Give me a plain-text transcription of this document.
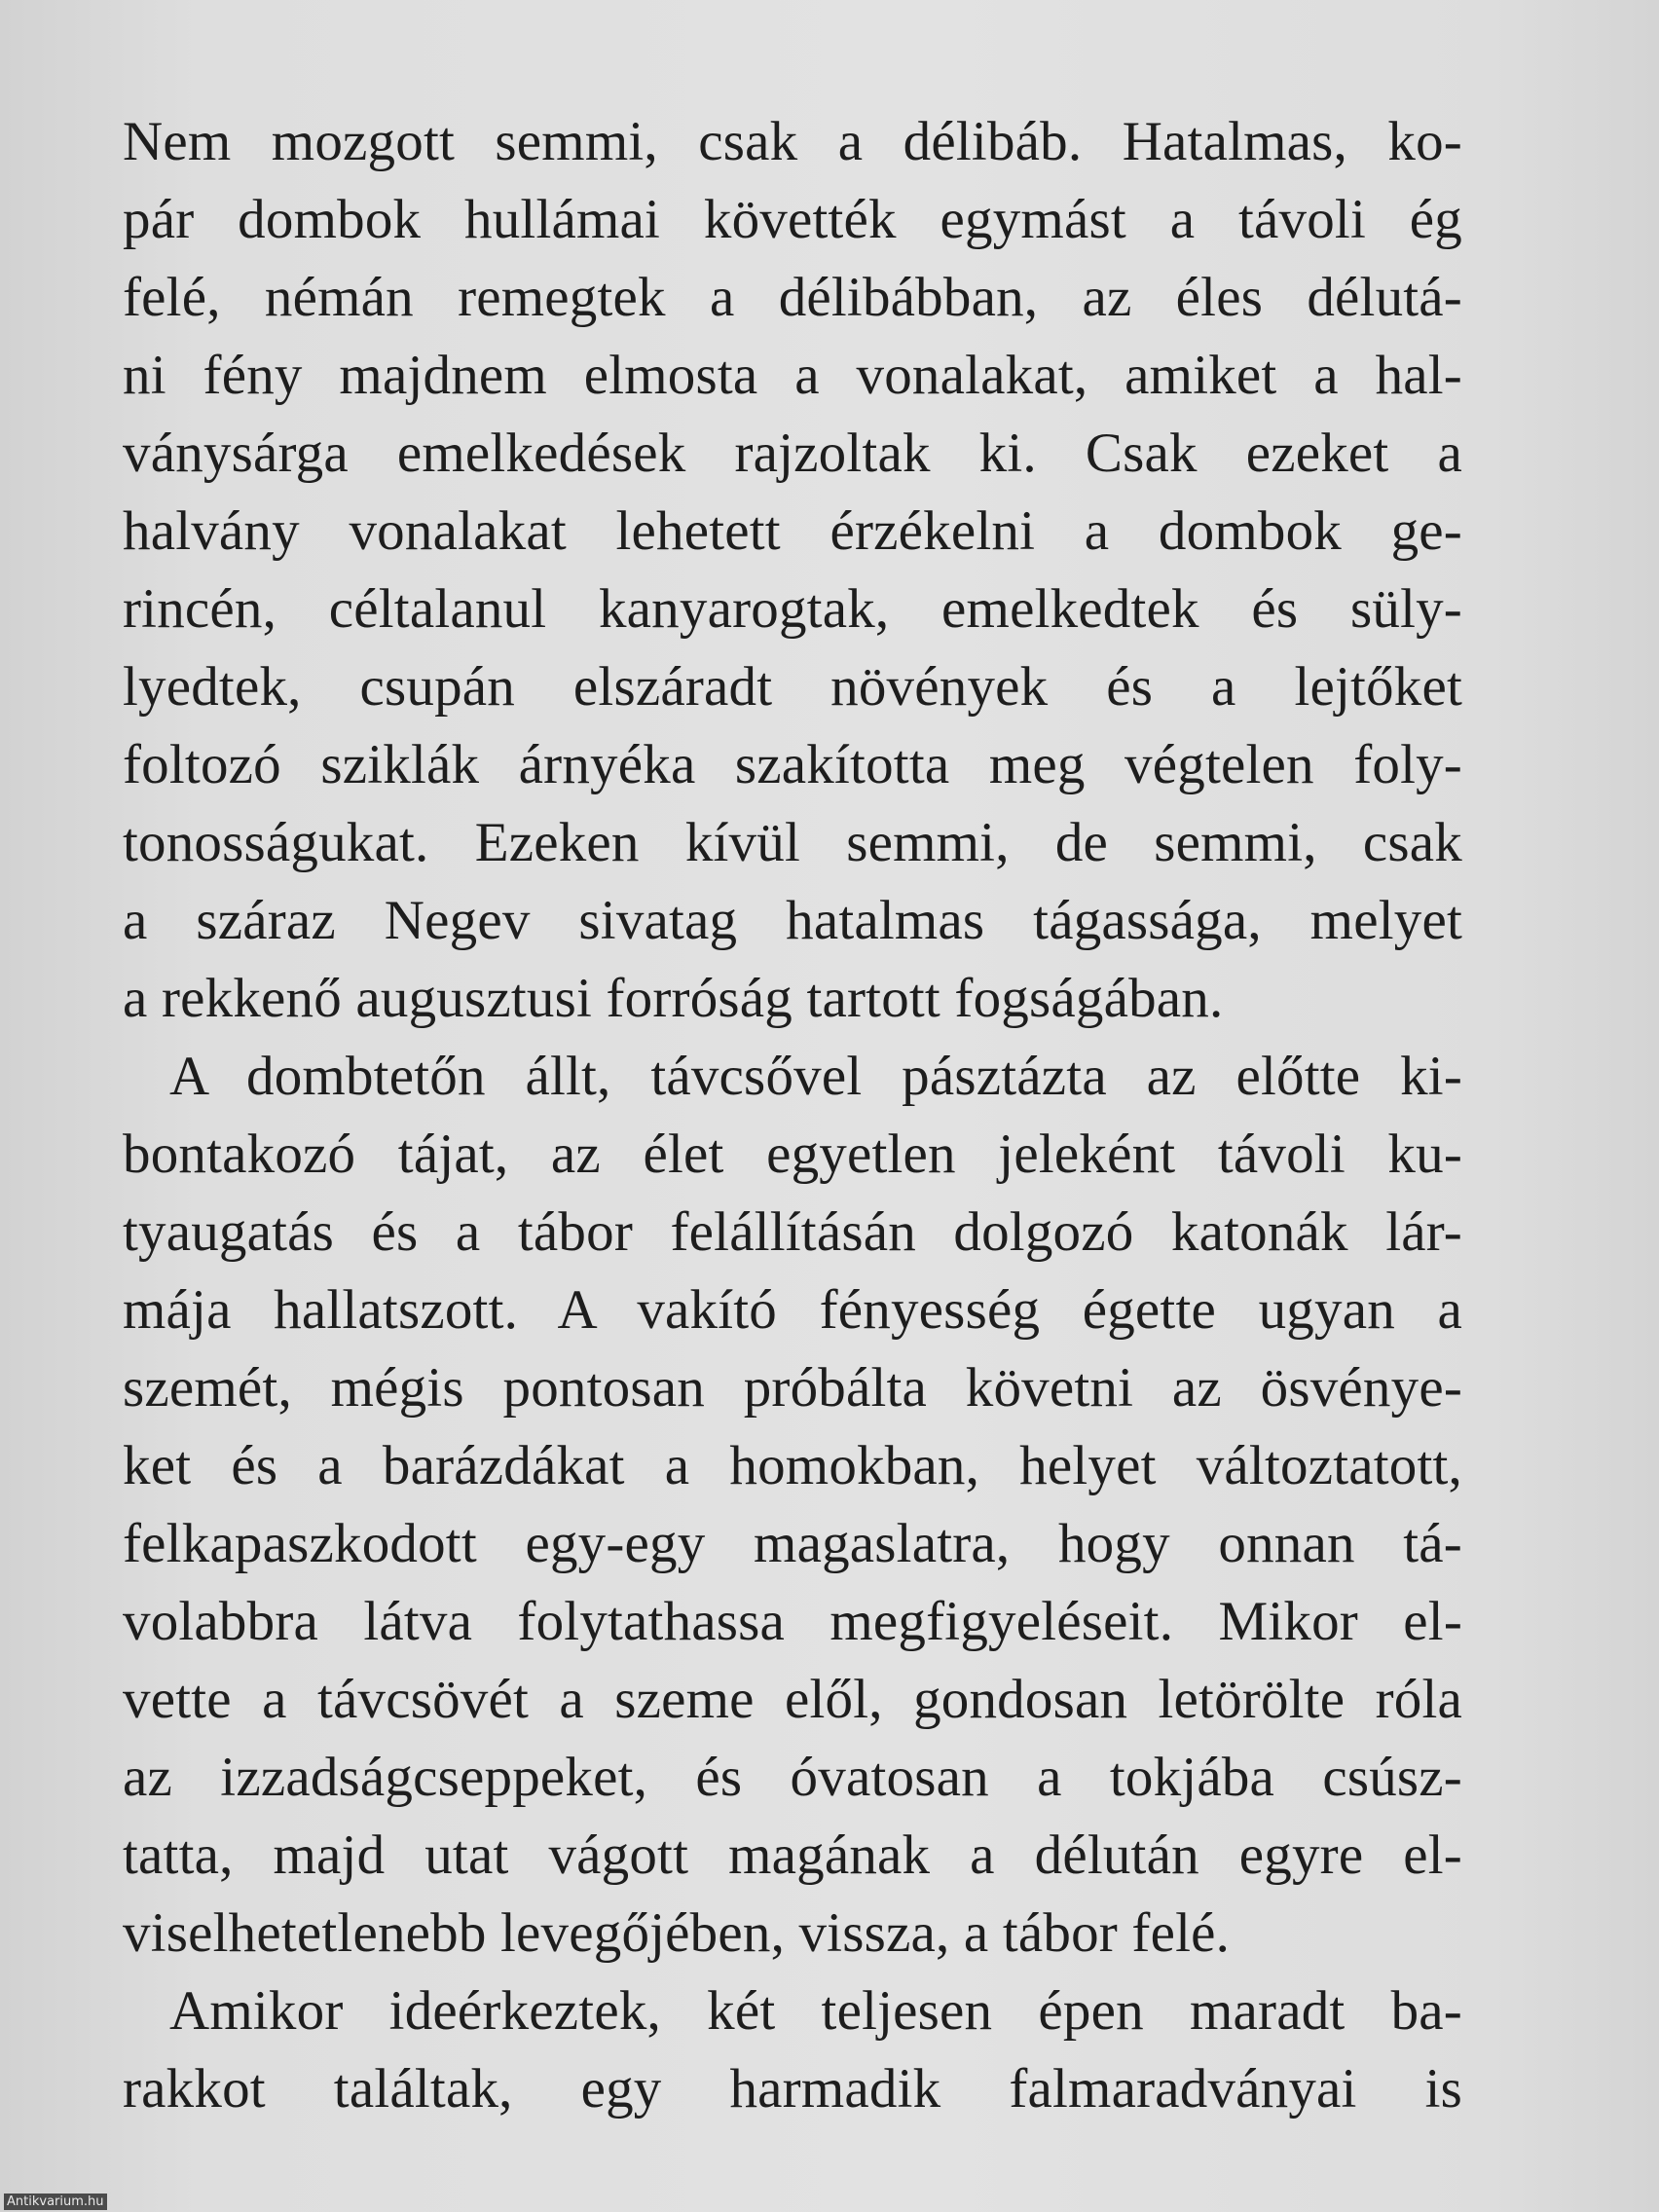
Nem mozgott semmi, csak a délibáb. Hatalmas, ko-
pár dombok hullámai követték egymást a távoli ég
felé, némán remegtek a délibábban, az éles délutá-
ni fény majdnem elmosta a vonalakat, amiket a hal-
ványsárga emelkedések rajzoltak ki. Csak ezeket a
halvány vonalakat lehetett érzékelni a dombok ge-
rincén, céltalanul kanyarogtak, emelkedtek és süly-
lyedtek, csupán elszáradt növények és a lejtőket
foltozó sziklák árnyéka szakította meg végtelen foly-
tonosságukat. Ezeken kívül semmi, de semmi, csak
a száraz Negev sivatag hatalmas tágassága, melyet
a rekkenő augusztusi forróság tartott fogságában.
A dombtetőn állt, távcsővel pásztázta az előtte ki-
bontakozó tájat, az élet egyetlen jeleként távoli ku-
tyaugatás és a tábor felállításán dolgozó katonák lár-
mája hallatszott. A vakító fényesség égette ugyan a
szemét, mégis pontosan próbálta követni az ösvénye-
ket és a barázdákat a homokban, helyet változtatott,
felkapaszkodott egy-egy magaslatra, hogy onnan tá-
volabbra látva folytathassa megfigyeléseit. Mikor el-
vette a távcsövét a szeme elől, gondosan letörölte róla
az izzadságcseppeket, és óvatosan a tokjába csúsz-
tatta, majd utat vágott magának a délután egyre el-
viselhetetlenebb levegőjében, vissza, a tábor felé.
Amikor ideérkeztek, két teljesen épen maradt ba-
rakkot találtak, egy harmadik falmaradványai is
Antikvarium.hu
